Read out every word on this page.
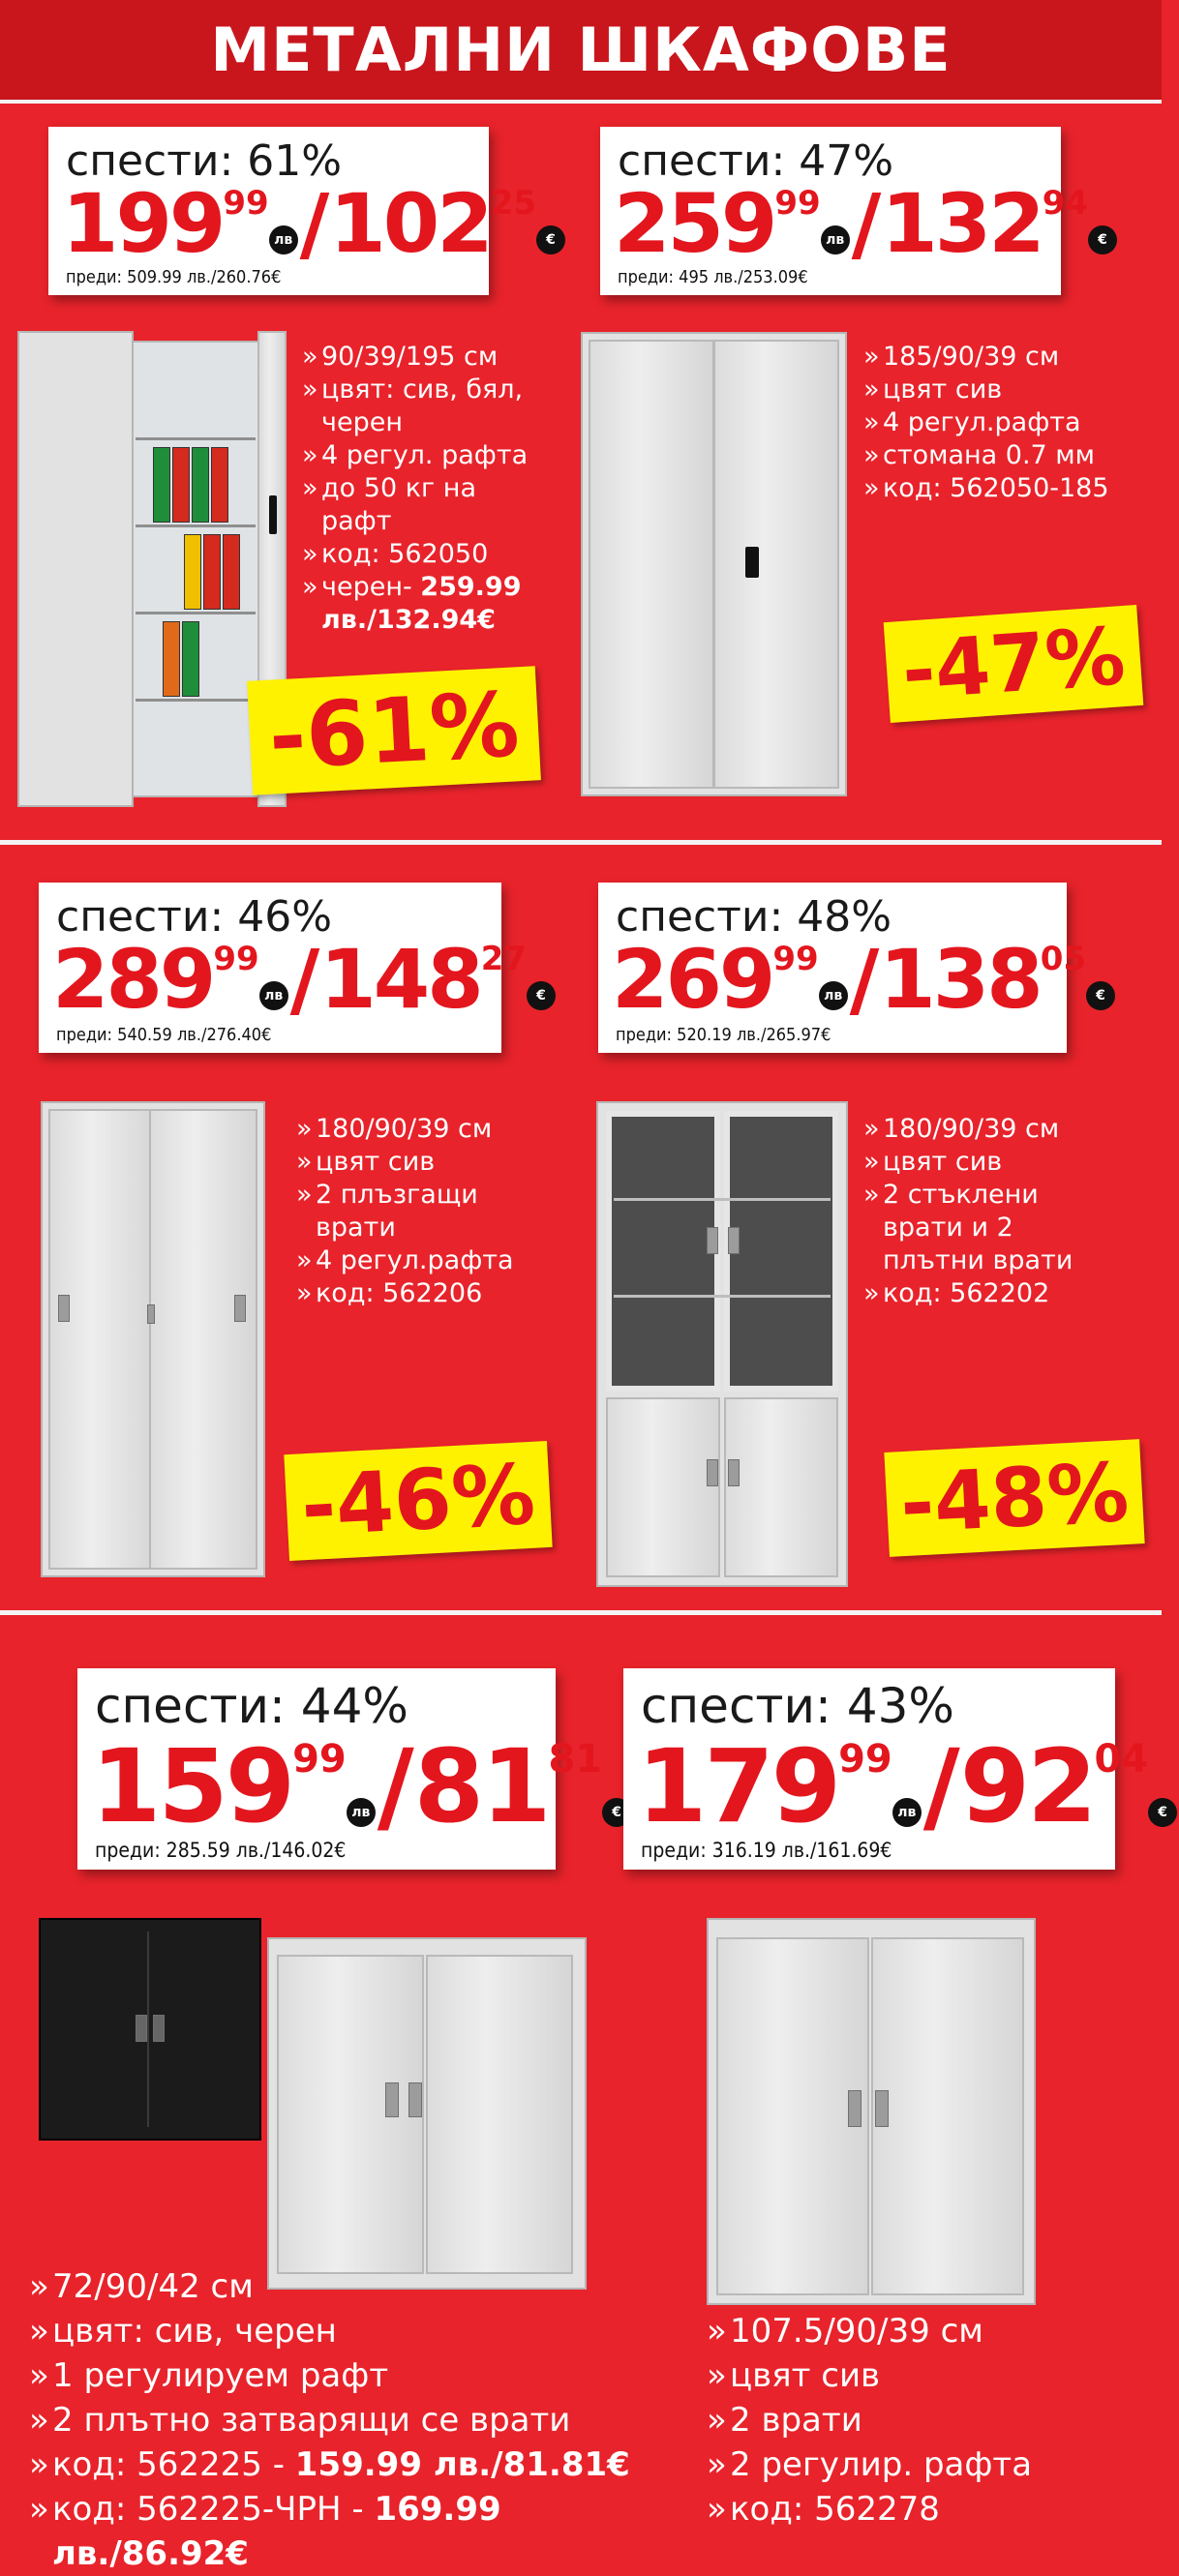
МЕТАЛНИ ШКАФОВЕ
спести: 61%
19999лв/10225€
преди: 509.99 лв./260.76€
» 90/39/195 см
» цвят: сив, бял,
черен
» 4 регул. рафта
» до 50 кг на
рафт
» код: 562050
» черен- 259.99
лв./132.94€
-61%
спести: 47%
25999лв/13294€
преди: 495 лв./253.09€
» 185/90/39 см
» цвят сив
» 4 регул.рафта
» стомана 0.7 мм
» код: 562050-185
-47%
спести: 46%
28999лв/14827€
преди: 540.59 лв./276.40€
» 180/90/39 см
» цвят сив
» 2 плъзгащи
врати
» 4 регул.рафта
» код: 562206
-46%
спести: 48%
26999лв/13805€
преди: 520.19 лв./265.97€
» 180/90/39 см
» цвят сив
» 2 стъклени
врати и 2
плътни врати
» код: 562202
-48%
спести: 44%
15999лв/8181€
преди: 285.59 лв./146.02€
» 72/90/42 см
» цвят: сив, черен
» 1 регулируем рафт
» 2 плътно затварящи се врати
» код: 562225 - 159.99 лв./81.81€
» код: 562225-ЧРН - 169.99 лв./86.92€
спести: 43%
17999лв/9204€
преди: 316.19 лв./161.69€
» 107.5/90/39 см
» цвят сив
» 2 врати
» 2 регулир. рафта
» код: 562278
